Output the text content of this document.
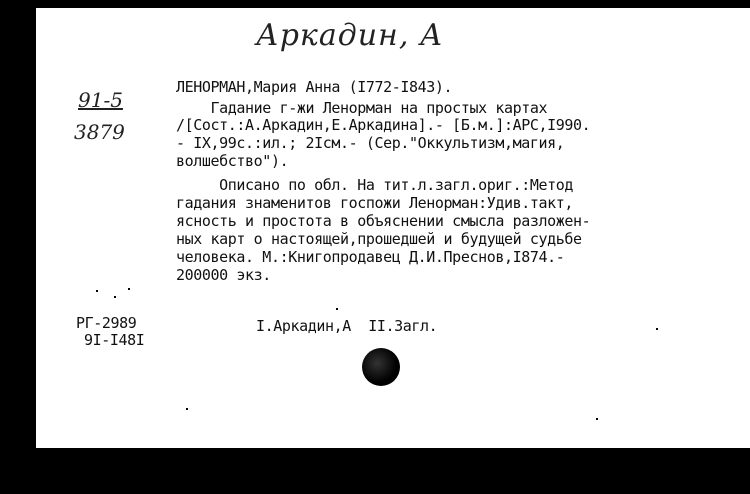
Аркадин, А
91-5
3879
ЛЕНОРМАН,Мария Анна (I772-I843).
Гадание г-жи Ленорман на простых картах
/[Сост.:А.Аркадин,Е.Аркадина].- [Б.м.]:АРС,I990.
- IX,99с.:ил.; 2Iсм.- (Сер."Оккультизм,магия,
волшебство").
Описано по обл. На тит.л.загл.ориг.:Метод
гадания знаменитов госпожи Ленорман:Удив.такт,
ясность и простота в объяснении смысла разложен-
ных карт о настоящей,прошедшей и будущей судьбе
человека. М.:Книгопродавец Д.И.Преснов,I874.-
200000 экз.
РГ-2989
9I-I48I
I.Аркадин,А  II.Загл.
